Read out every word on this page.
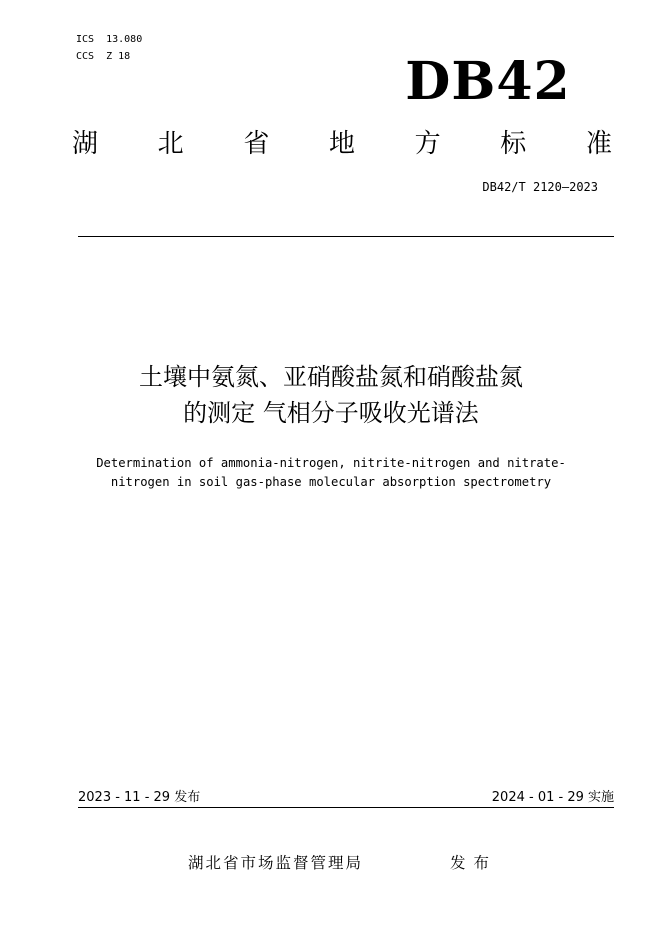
ICS  13.080
CCS  Z 18	DB42
湖 北 省 地 方 标 准
DB42/T 2120—2023
土壤中氨氮、亚硝酸盐氮和硝酸盐氮
的测定 气相分子吸收光谱法
Determination of ammonia-nitrogen, nitrite-nitrogen and nitrate-
nitrogen in soil gas-phase molecular absorption spectrometry
2023 - 11 - 29 发布	2024 - 01 - 29 实施
湖北省市场监督管理局	发布
